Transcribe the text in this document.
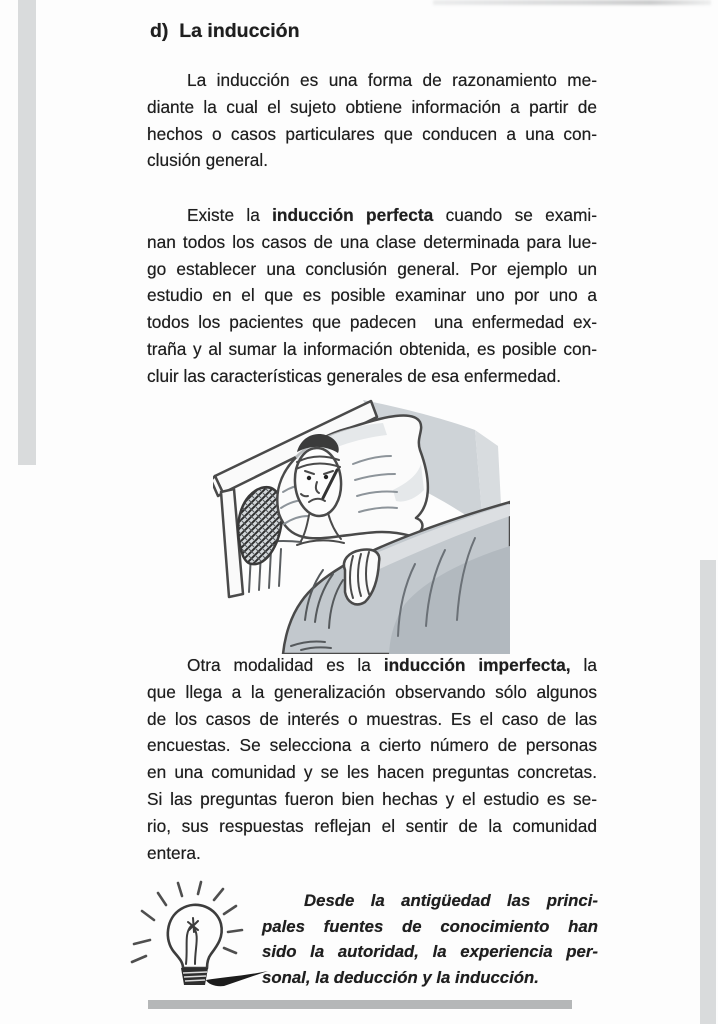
d)  La inducción
La inducción es una forma de razonamiento me-
diante la cual el sujeto obtiene información a partir de
hechos o casos particulares que conducen a una con-
clusión general.
Existe la inducción perfecta cuando se exami-
nan todos los casos de una clase determinada para lue-
go establecer una conclusión general. Por ejemplo un
estudio en el que es posible examinar uno por uno a
todos los pacientes que padecen  una enfermedad ex-
traña y al sumar la información obtenida, es posible con-
cluir las características generales de esa enfermedad.
Otra modalidad es la inducción imperfecta, la
que llega a la generalización observando sólo algunos
de los casos de interés o muestras. Es el caso de las
encuestas. Se selecciona a cierto número de personas
en una comunidad y se les hacen preguntas concretas.
Si las preguntas fueron bien hechas y el estudio es se-
rio, sus respuestas reflejan el sentir de la comunidad
entera.
Desde la antigüedad las princi-
pales fuentes de conocimiento han
sido la autoridad, la experiencia per-
sonal, la deducción y la inducción.
